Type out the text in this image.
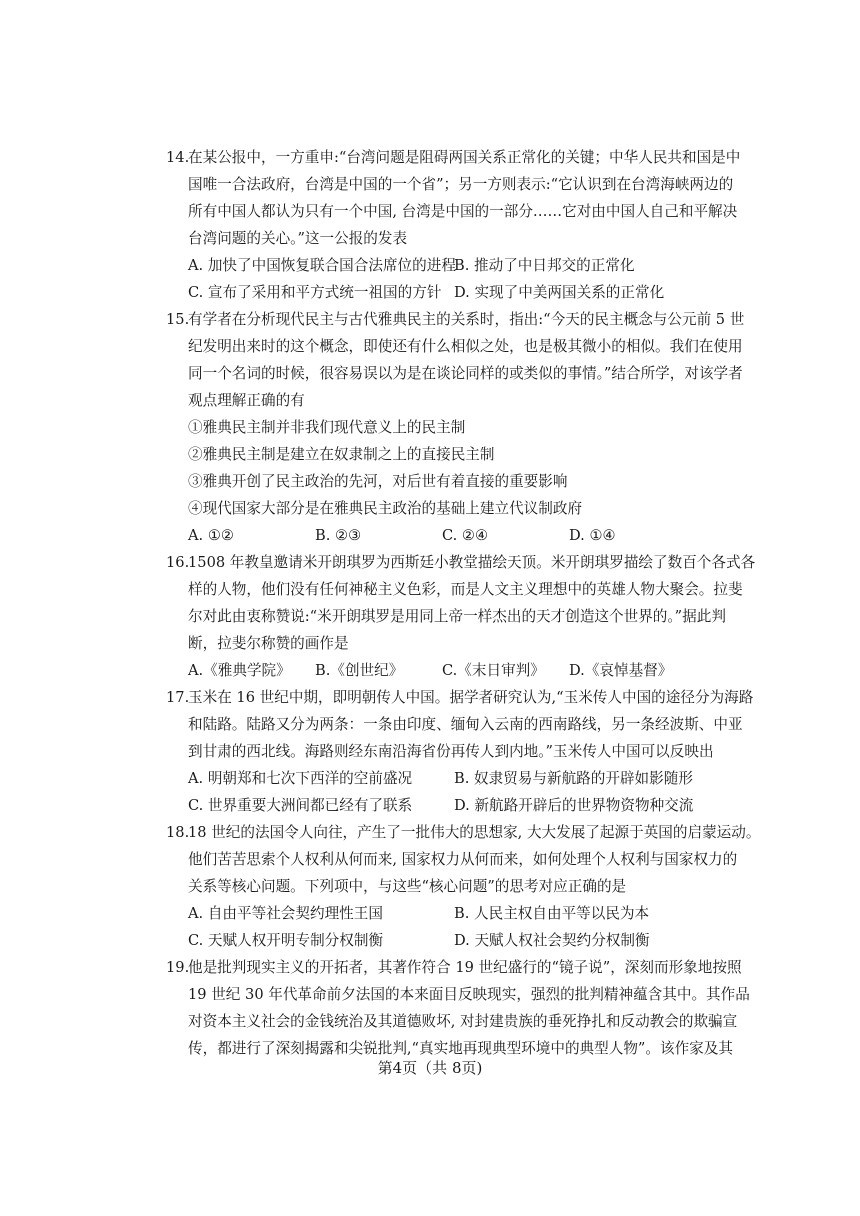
14.
在某公报中，一方重申:“台湾问题是阻碍两国关系正常化的关键；中华人民共和国是中
国唯一合法政府，台湾是中国的一个省”；另一方则表示:“它认识到在台湾海峡两边的
所有中国人都认为只有一个中国, 台湾是中国的一部分……它对由中国人自己和平解决
台湾问题的关心。”这一公报的发表
A. 加快了中国恢复联合国合法席位的进程
B. 推动了中日邦交的正常化
C. 宣布了采用和平方式统一祖国的方针 D. 实现了中美两国关系的正常化
15.
有学者在分析现代民主与古代雅典民主的关系时，指出:“今天的民主概念与公元前 5 世
纪发明出来时的这个概念，即使还有什么相似之处，也是极其微小的相似。我们在使用
同一个名词的时候，很容易误以为是在谈论同样的或类似的事情。”结合所学，对该学者
观点理解正确的有
①雅典民主制并非我们现代意义上的民主制
②雅典民主制是建立在奴隶制之上的直接民主制
③雅典开创了民主政治的先河，对后世有着直接的重要影响
④现代国家大部分是在雅典民主政治的基础上建立代议制政府
A. ①②	B. ②③	C. ②④	D. ①④
16.
1508 年教皇邀请米开朗琪罗为西斯廷小教堂描绘天顶。米开朗琪罗描绘了数百个各式各
样的人物，他们没有任何神秘主义色彩，而是人文主义理想中的英雄人物大聚会。拉斐
尔对此由衷称赞说:“米开朗琪罗是用同上帝一样杰出的天才创造这个世界的。”据此判
断，拉斐尔称赞的画作是
A.《雅典学院》	B.《创世纪》	C.《末日审判》	D.《哀悼基督》
17.
玉米在 16 世纪中期，即明朝传人中国。据学者研究认为,“玉米传人中国的途径分为海路
和陆路。陆路又分为两条：一条由印度、缅甸入云南的西南路线，另一条经波斯、中亚
到甘肃的西北线。海路则经东南沿海省份再传人到内地。”玉米传人中国可以反映出
A. 明朝郑和七次下西洋的空前盛况	B. 奴隶贸易与新航路的开辟如影随形
C. 世界重要大洲间都已经有了联系	D. 新航路开辟后的世界物资物种交流
18.
18 世纪的法国令人向往，产生了一批伟大的思想家, 大大发展了起源于英国的启蒙运动。
他们苦苦思索个人权利从何而来, 国家权力从何而来，如何处理个人权利与国家权力的
关系等核心问题。下列项中，与这些“核心问题”的思考对应正确的是
A. 自由平等社会契约理性王国	B. 人民主权自由平等以民为本
C. 天赋人权开明专制分权制衡	D. 天赋人权社会契约分权制衡
19.
他是批判现实主义的开拓者，其著作符合 19 世纪盛行的“镜子说”，深刻而形象地按照
19 世纪 30 年代革命前夕法国的本来面目反映现实，强烈的批判精神蕴含其中。其作品
对资本主义社会的金钱统治及其道德败坏, 对封建贵族的垂死挣扎和反动教会的欺骗宣
传，都进行了深刻揭露和尖锐批判,“真实地再现典型环境中的典型人物”。该作家及其
第4页（共 8页)
